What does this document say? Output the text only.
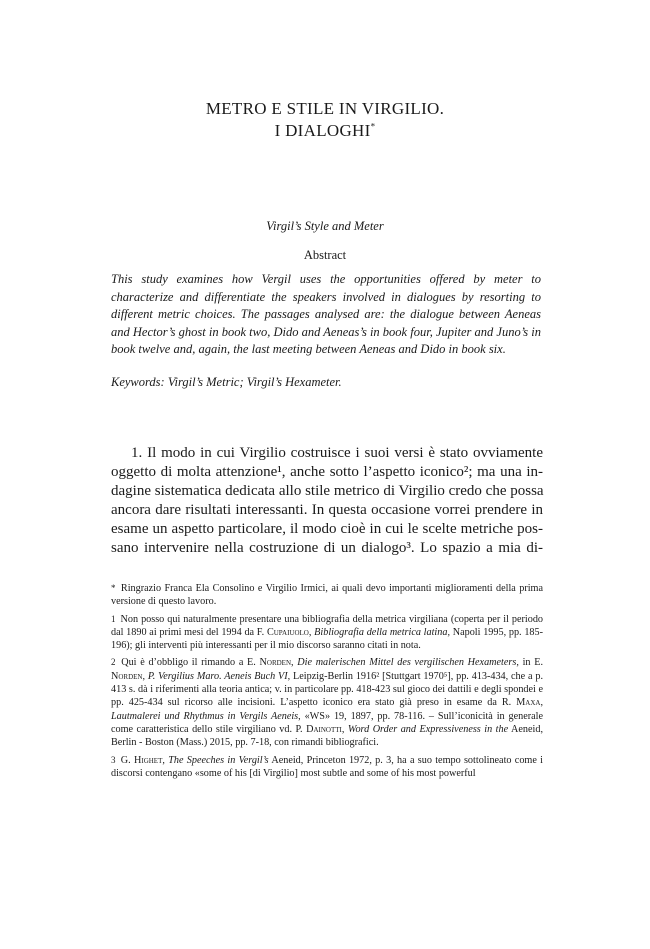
METRO E STILE IN VIRGILIO.
I DIALOGHI*
Virgil’s Style and Meter
Abstract

This study examines how Vergil uses the opportunities offered by meter to characterize and differentiate the speakers involved in dialogues by resorting to different metric choices. The passages analysed are: the dialogue between Aeneas and Hector’s ghost in book two, Dido and Aeneas’s in book four, Jupiter and Juno’s in book twelve and, again, the last meeting between Aeneas and Dido in book six.

Keywords: Virgil’s Metric; Virgil’s Hexameter.

1. Il modo in cui Virgilio costruisce i suoi versi è stato ovviamente
oggetto di molta attenzione¹, anche sotto l’aspetto iconico²; ma una in-
dagine sistematica dedicata allo stile metrico di Virgilio credo che possa
ancora dare risultati interessanti. In questa occasione vorrei prendere in
esame un aspetto particolare, il modo cioè in cui le scelte metriche pos-
sano intervenire nella costruzione di un dialogo³. Lo spazio a mia di-

* Ringrazio Franca Ela Consolino e Virgilio Irmici, ai quali devo importanti miglioramenti della prima versione di questo lavoro.

1 Non posso qui naturalmente presentare una bibliografia della metrica virgiliana (coperta per il periodo dal 1890 ai primi mesi del 1994 da F. Cupaiuolo, Bibliografia della metrica latina, Napoli 1995, pp. 185-196); gli interventi più interessanti per il mio discorso saranno citati in nota.

2 Qui è d’obbligo il rimando a E. Norden, Die malerischen Mittel des vergilischen Hexameters, in E. Norden, P. Vergilius Maro. Aeneis Buch VI, Leipzig-Berlin 1916² [Stuttgart 1970⁵], pp. 413-434, che a p. 413 s. dà i riferimenti alla teoria antica; v. in particolare pp. 418-423 sul gioco dei dattili e degli spondei e pp. 425-434 sul ricorso alle incisioni. L’aspetto iconico era stato già preso in esame da R. Maxa, Lautmalerei und Rhythmus in Vergils Aeneis, «WS» 19, 1897, pp. 78-116. – Sull’iconicità in generale come caratteristica dello stile virgiliano vd. P. Dainotti, Word Order and Expressiveness in the Aeneid, Berlin - Boston (Mass.) 2015, pp. 7-18, con rimandi bibliografici.

3 G. Highet, The Speeches in Vergil’s Aeneid, Princeton 1972, p. 3, ha a suo tempo sottolineato come i discorsi contengano «some of his [di Virgilio] most subtle and some of his most powerful
